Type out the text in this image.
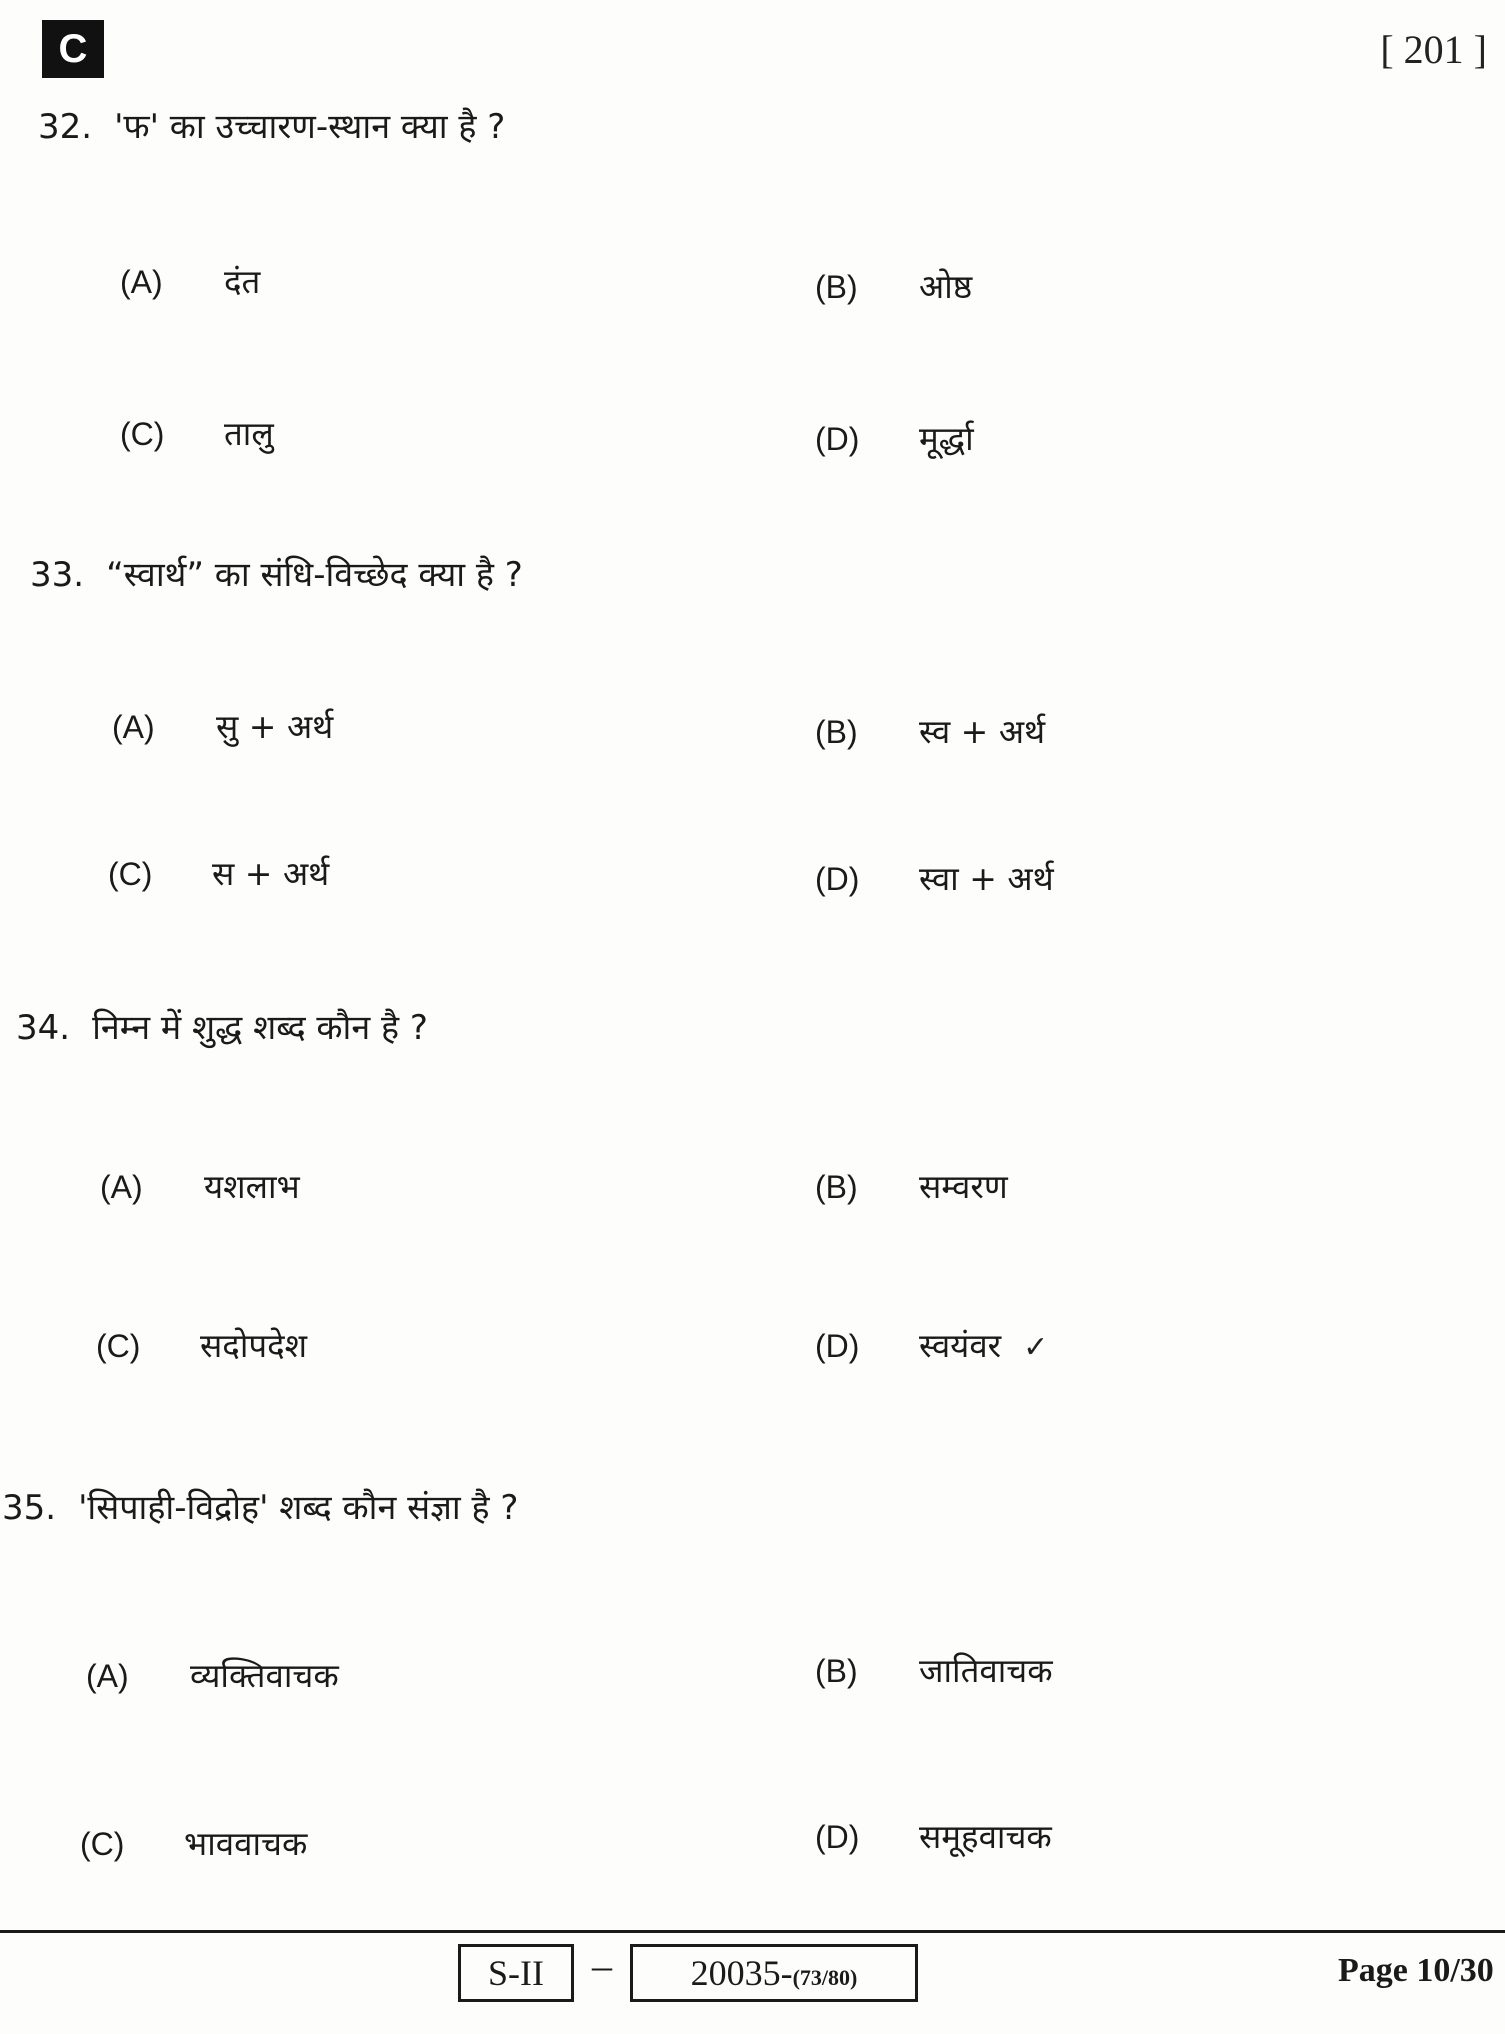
C	[ 201 ]
32. 'फ' का उच्चारण-स्थान क्या है ?
(A) दंत	(B) ओष्ठ
(C) तालु	(D) मूर्द्धा
33. “स्वार्थ” का संधि-विच्छेद क्या है ?
(A) सु + अर्थ	(B) स्व + अर्थ
(C) स + अर्थ	(D) स्वा + अर्थ
34. निम्न में शुद्ध शब्द कौन है ?
(A) यशलाभ	(B) सम्वरण
(C) सदोपदेश	(D) स्वयंवर ✓
35. 'सिपाही-विद्रोह' शब्द कौन संज्ञा है ?
(A) व्यक्तिवाचक	(B) जातिवाचक
(C) भाववाचक	(D) समूहवाचक
S-II	–	20035-(73/80)	Page 10/30
